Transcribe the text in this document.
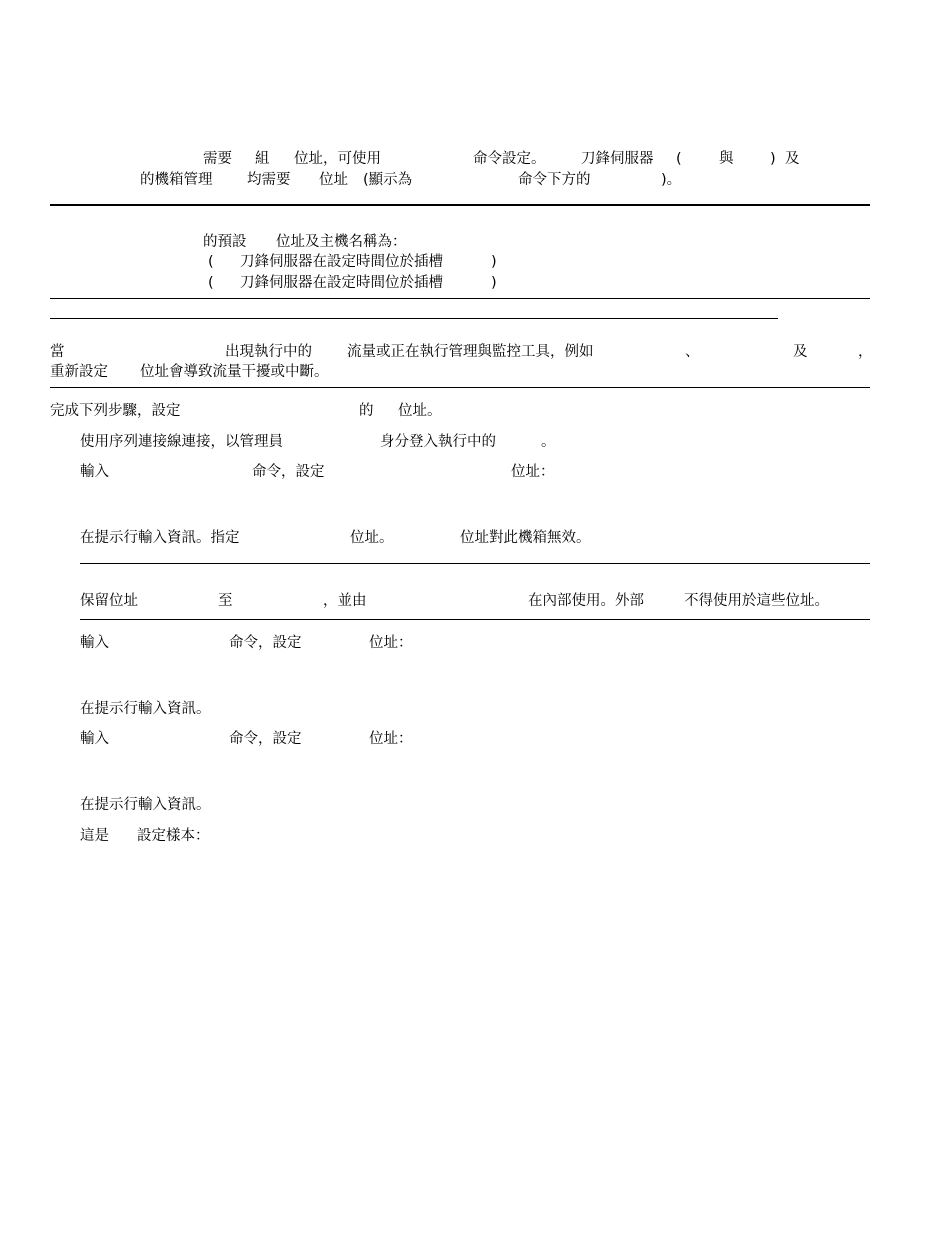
需要 組 位址，可使用	命令設定。 刀鋒伺服器 (	與	) 及
的機箱管理 均需要 位址 (顯示為	命令下方的	)。
的預設 位址及主機名稱為：
( 刀鋒伺服器在設定時間位於插槽	)
( 刀鋒伺服器在設定時間位於插槽	)
當	出現執行中的 流量或正在執行管理與監控工具，例如	、	及	，
重新設定 位址會導致流量干擾或中斷。
完成下列步驟，設定	的 位址。
使用序列連接線連接，以管理員	身分登入執行中的	。
輸入	命令，設定	位址：
在提示行輸入資訊。指定	位址。	位址對此機箱無效。
保留位址	至	，並由	在內部使用。外部	不得使用於這些位址。
輸入	命令，設定	位址：
在提示行輸入資訊。
輸入	命令，設定	位址：
在提示行輸入資訊。
這是 設定樣本：
